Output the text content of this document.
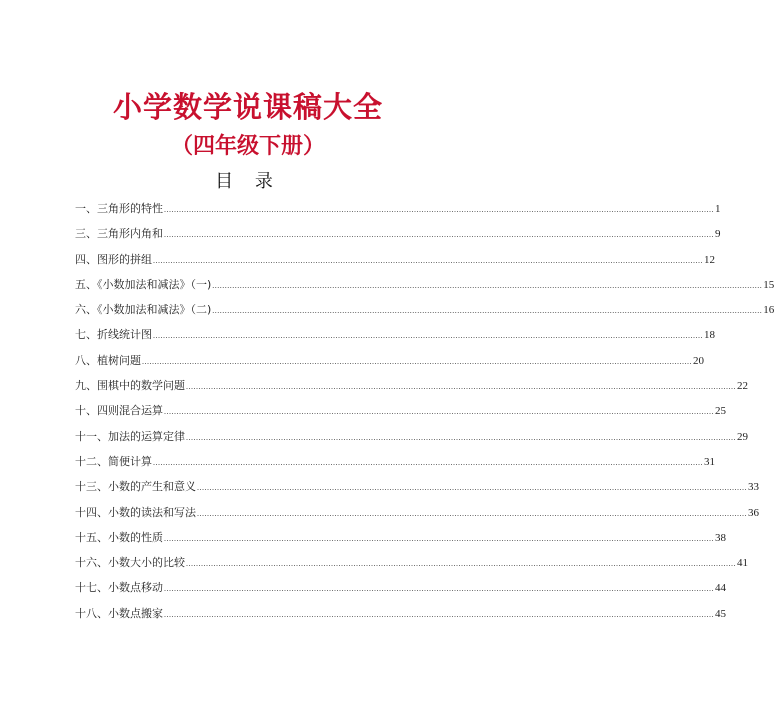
小学数学说课稿大全
（四年级下册）
目 录
一、三角形的特性 ............................................................................................................................................................................................................................ 1
三、三角形内角和 ............................................................................................................................................................................................................................ 9
四、图形的拼组 ............................................................................................................................................................................................................................ 12
五、《小数加法和减法》（一) ............................................................................................................................................................................................................................ 15
六、《小数加法和减法》（二) ............................................................................................................................................................................................................................ 16
七、折线统计图 ............................................................................................................................................................................................................................ 18
八、植树问题 ............................................................................................................................................................................................................................ 20
九、围棋中的数学问题 ............................................................................................................................................................................................................................ 22
十、四则混合运算 ............................................................................................................................................................................................................................ 25
十一、加法的运算定律 ............................................................................................................................................................................................................................ 29
十二、简便计算 ............................................................................................................................................................................................................................ 31
十三、小数的产生和意义 ............................................................................................................................................................................................................................ 33
十四、小数的读法和写法 ............................................................................................................................................................................................................................ 36
十五、小数的性质 ............................................................................................................................................................................................................................ 38
十六、小数大小的比较 ............................................................................................................................................................................................................................ 41
十七、小数点移动 ............................................................................................................................................................................................................................ 44
十八、小数点搬家 ............................................................................................................................................................................................................................ 45
